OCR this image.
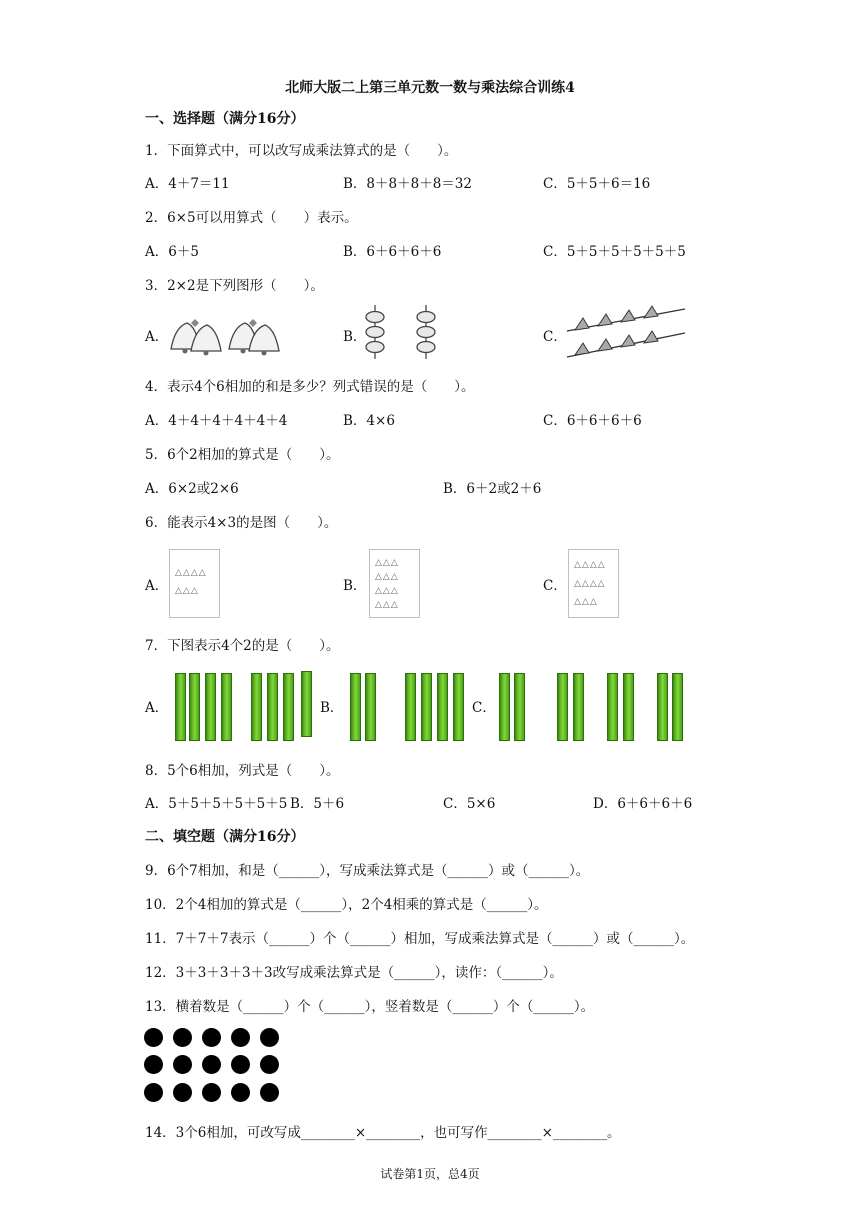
北师大版二上第三单元数一数与乘法综合训练4
一、选择题（满分16分）
1．下面算式中，可以改写成乘法算式的是（　　）。
A．4＋7＝11	B．8＋8＋8＋8＝32	C．5＋5＋6＝16
2．6×5可以用算式（　　）表示。
A．6＋5	B．6＋6＋6＋6	C．5＋5＋5＋5＋5＋5
3．2×2是下列图形（　　）。
A．	B．	C．
4．表示4个6相加的和是多少？列式错误的是（　　）。
A．4＋4＋4＋4＋4＋4	B．4×6	C．6＋6＋6＋6
5．6个2相加的算式是（　　）。
A．6×2或2×6	B．6＋2或2＋6
6．能表示4×3的是图（　　）。
A．
△△△△
△△△	B．
△△△
△△△
△△△
△△△
C．
△△△△
△△△△
△△△
7．下图表示4个2的是（　　）。
A．	B．	C．
8．5个6相加，列式是（　　）。
A．5＋5＋5＋5＋5＋5 B．5＋6	C．5×6	D．6＋6＋6＋6
二、填空题（满分16分）
9．6个7相加，和是（______），写成乘法算式是（______）或（______）。
10．2个4相加的算式是（______），2个4相乘的算式是（______）。
11．7＋7＋7表示（______）个（______）相加，写成乘法算式是（______）或（______）。
12．3＋3＋3＋3＋3改写成乘法算式是（______），读作：（______）。
13．横着数是（______）个（______），竖着数是（______）个（______）。
14．3个6相加，可改写成________×________，也可写作________×________。
试卷第1页，总4页
